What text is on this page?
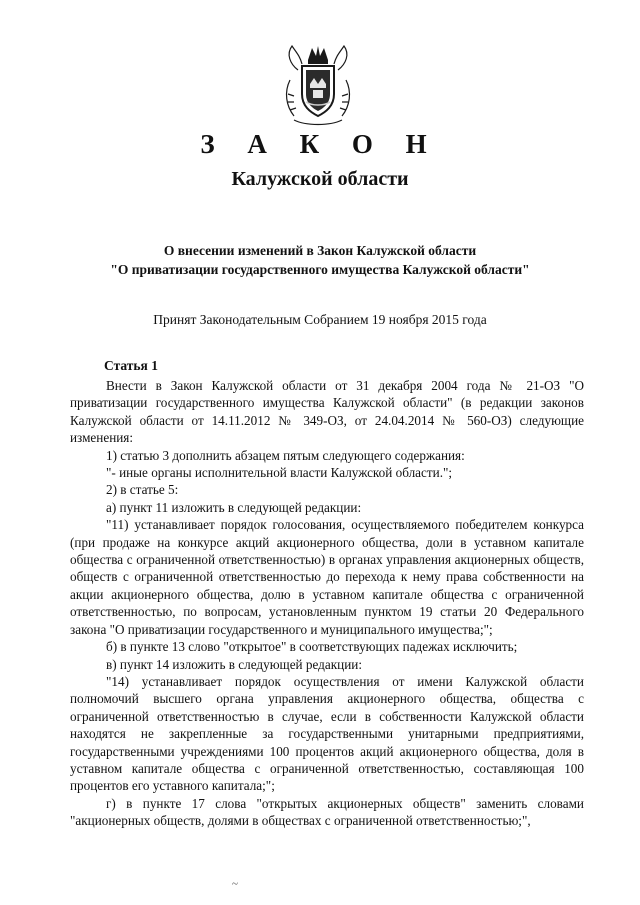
З А К О Н
Калужской области
О внесении изменений в Закон Калужской области
"О приватизации государственного имущества Калужской области"
Принят Законодательным Собранием 19 ноября 2015 года
Статья 1

Внести в Закон Калужской области от 31 декабря 2004 года № 21-ОЗ "О приватизации государственного имущества Калужской области" (в редакции законов Калужской области от 14.11.2012 № 349-ОЗ, от 24.04.2014 № 560-ОЗ) следующие изменения:

1) статью 3 дополнить абзацем пятым следующего содержания:

"- иные органы исполнительной власти Калужской области.";

2) в статье 5:

а) пункт 11 изложить в следующей редакции:

"11) устанавливает порядок голосования, осуществляемого победителем конкурса (при продаже на конкурсе акций акционерного общества, доли в уставном капитале общества с ограниченной ответственностью) в органах управления акционерных обществ, обществ с ограниченной ответственностью до перехода к нему права собственности на акции акционерного общества, долю в уставном капитале общества с ограниченной ответственностью, по вопросам, установленным пунктом 19 статьи 20 Федерального закона "О приватизации государственного и муниципального имущества;";

б) в пункте 13 слово "открытое" в соответствующих падежах исключить;

в) пункт 14 изложить в следующей редакции:

"14) устанавливает порядок осуществления от имени Калужской области полномочий высшего органа управления акционерного общества, общества с ограниченной ответственностью в случае, если в собственности Калужской области находятся не закрепленные за государственными унитарными предприятиями, государственными учреждениями 100 процентов акций акционерного общества, доля в уставном капитале общества с ограниченной ответственностью, составляющая 100 процентов его уставного капитала;";

г) в пункте 17 слова "открытых акционерных обществ" заменить словами "акционерных обществ, долями в обществах с ограниченной ответственностью;",

~
